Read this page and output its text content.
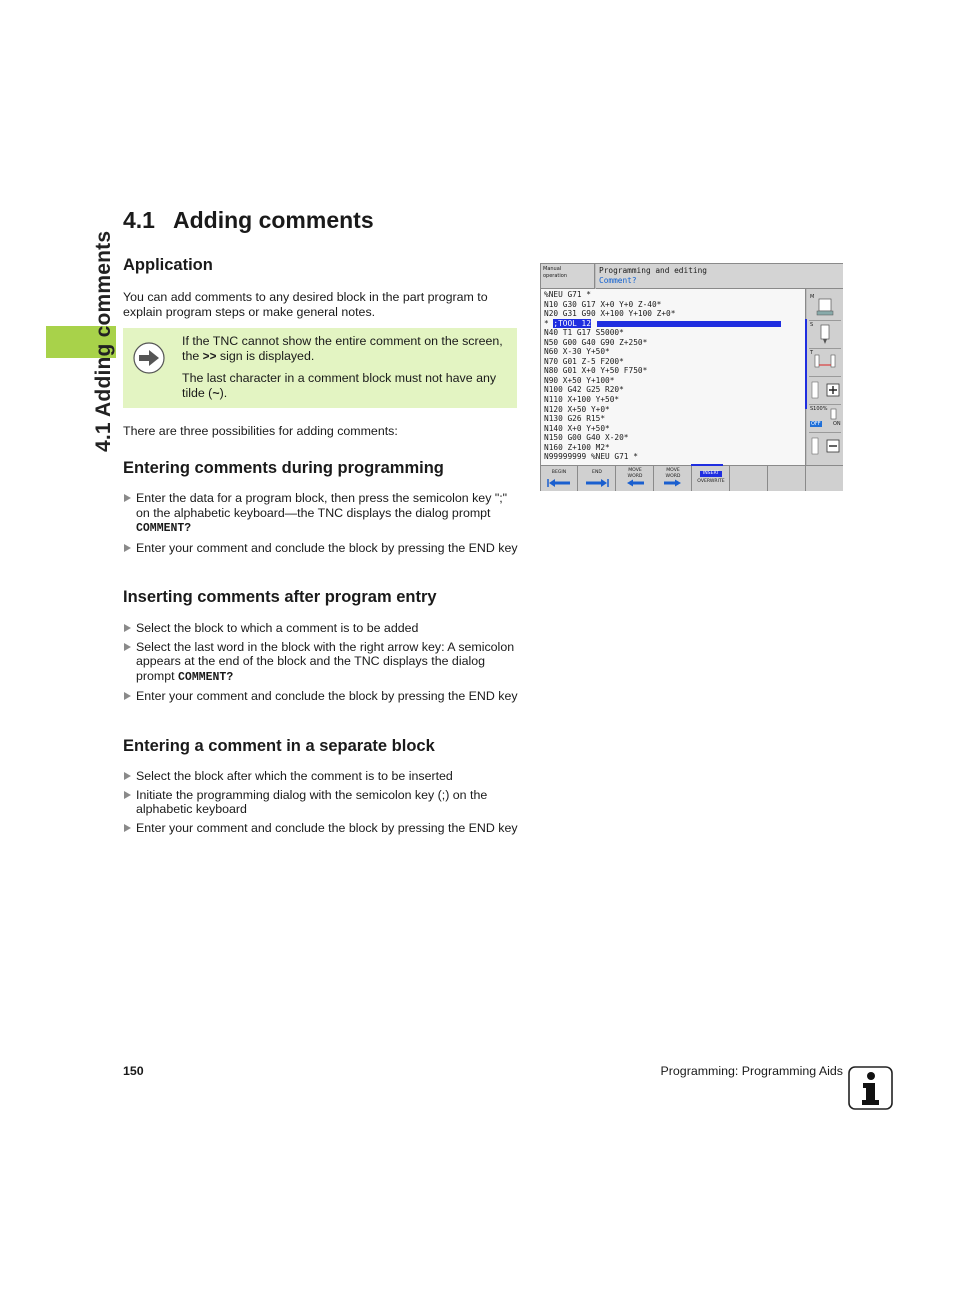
4.1 Adding comments
4.1 Adding comments
Application

You can add comments to any desired block in the part program to explain program steps or make general notes.

If the TNC cannot show the entire comment on the screen, the >> sign is displayed.

The last character in a comment block must not have any tilde (~).

There are three possibilities for adding comments:

Entering comments during programming
Enter the data for a program block, then press the semicolon key ";" on the alphabetic keyboard—the TNC displays the dialog prompt COMMENT?
Enter your comment and conclude the block by pressing the END key
Inserting comments after program entry
Select the block to which a comment is to be added
Select the last word in the block with the right arrow key: A semicolon appears at the end of the block and the TNC displays the dialog prompt COMMENT?
Enter your comment and conclude the block by pressing the END key
Entering a comment in a separate block
Select the block after which the comment is to be inserted
Initiate the programming dialog with the semicolon key (;) on the alphabetic keyboard
Enter your comment and conclude the block by pressing the END key
Manual
operation
Programming and editing
Comment?
%NEU G71 *
N10 G30 G17 X+0 Y+0 Z-40*
N20 G31 G90 X+100 Y+100 Z+0*
* ;TOOL 12
N40 T1 G17 S5000*
N50 G00 G40 G90 Z+250*
N60 X-30 Y+50*
N70 G01 Z-5 F200*
N80 G01 X+0 Y+50 F750*
N90 X+50 Y+100*
N100 G42 G25 R20*
N110 X+100 Y+50*
N120 X+50 Y+0*
N130 G26 R15*
N140 X+0 Y+50*
N150 G00 G40 X-20*
N160 Z+100 M2*
N99999999 %NEU G71 *
M
S
T
S100%
OFF ON
BEGIN	END	MOVE
WORD
MOVE
WORD	INSERT
OVERWRITE
150	Programming: Programming Aids
